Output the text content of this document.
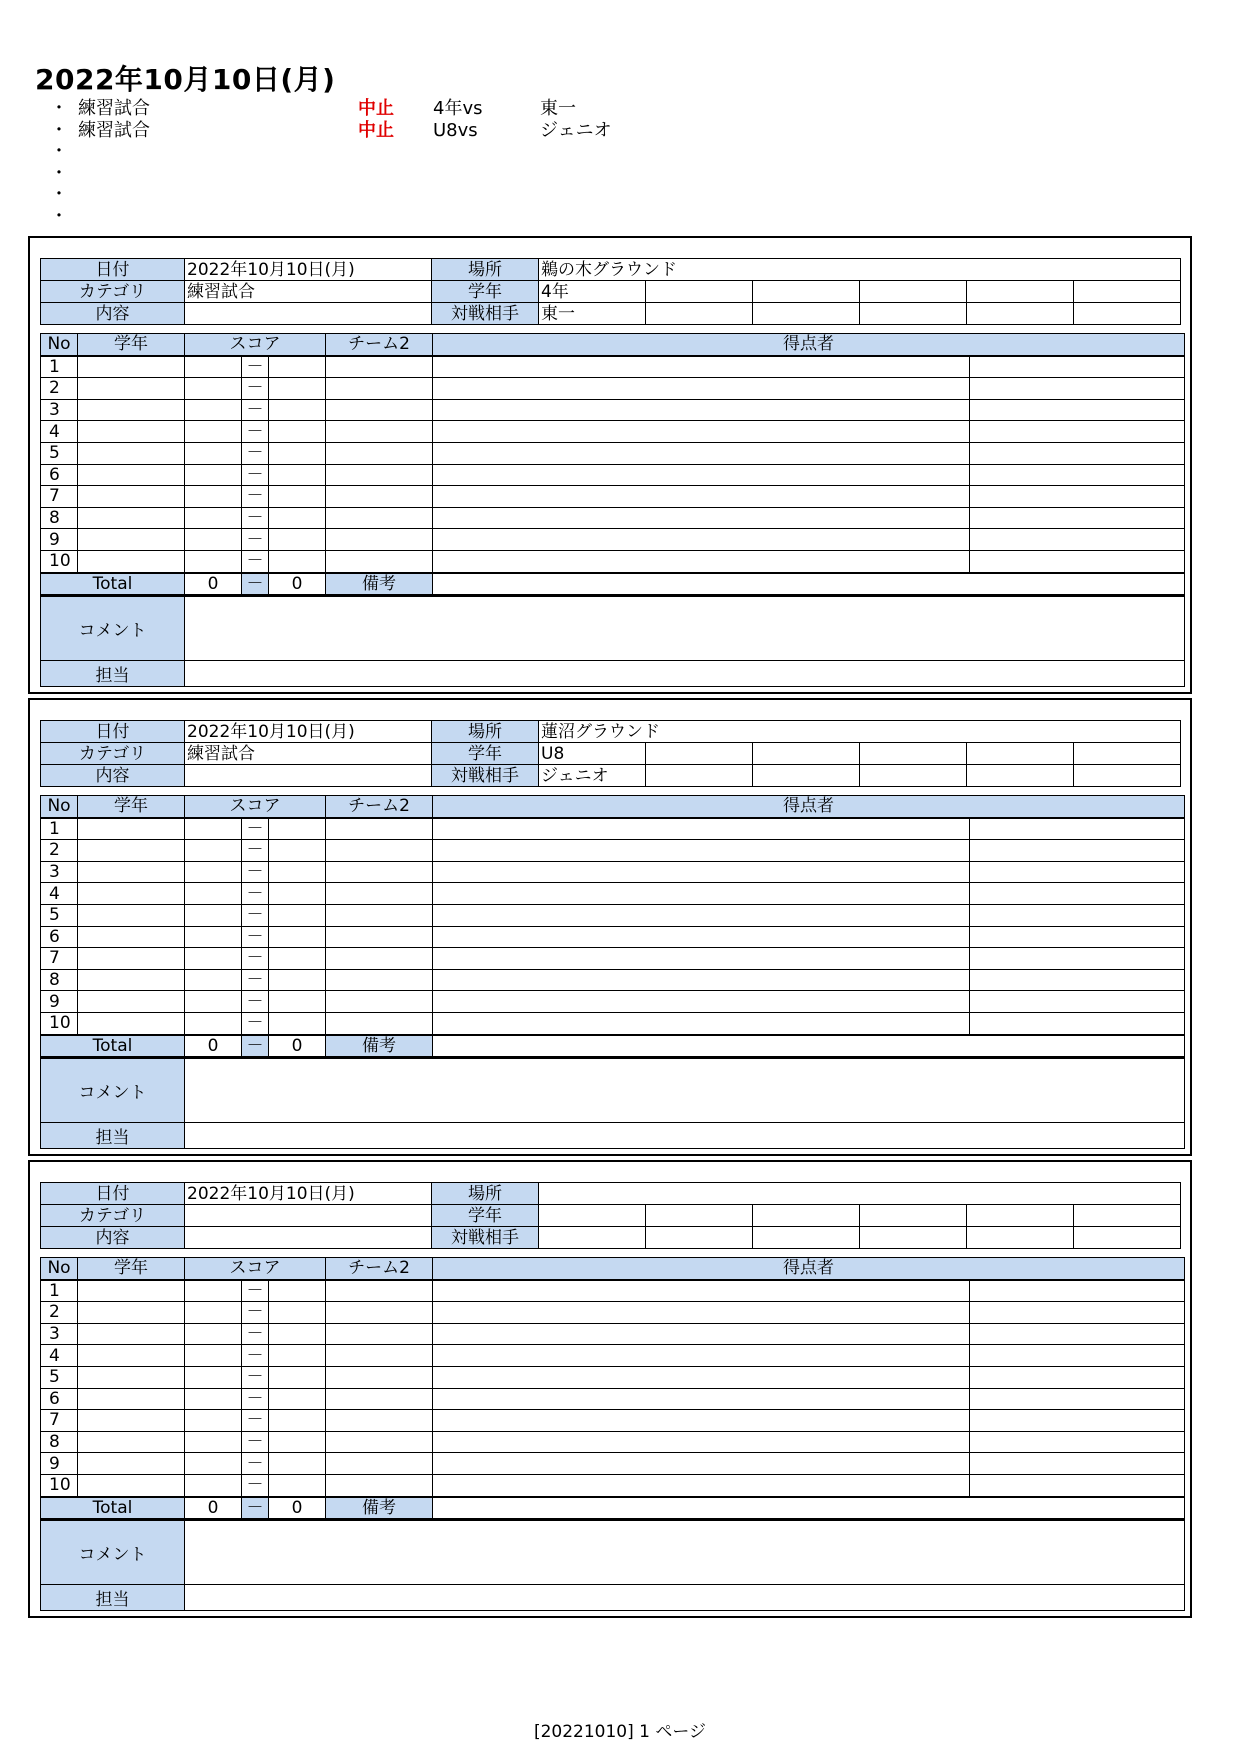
2022年10月10日(月)
・ 練習試合	中止 4年vs	東一
・ 練習試合	中止 U8vs	ジェニオ
・
・
・
・
日付	2022年10月10日(月)	場所	鵜の木グラウンド					
カテゴリ	練習試合	学年	4年					
内容		対戦相手	東一					
No	学年	スコア			チーム2	得点者	
1			－				
2			－				
3			－				
4			－				
5			－				
6			－				
7			－				
8			－				
9			－				
10			－				
Total		0	－	0	備考		
コメント	
担当	
日付	2022年10月10日(月)	場所	蓮沼グラウンド					
カテゴリ	練習試合	学年	U8					
内容		対戦相手	ジェニオ					
No	学年	スコア			チーム2	得点者	
1			－				
2			－				
3			－				
4			－				
5			－				
6			－				
7			－				
8			－				
9			－				
10			－				
Total		0	－	0	備考		
コメント	
担当	
日付	2022年10月10日(月)	場所						
カテゴリ		学年						
内容		対戦相手						
No	学年	スコア			チーム2	得点者	
1			－				
2			－				
3			－				
4			－				
5			－				
6			－				
7			－				
8			－				
9			－				
10			－				
Total		0	－	0	備考		
コメント	
担当	
[20221010] 1 ページ
